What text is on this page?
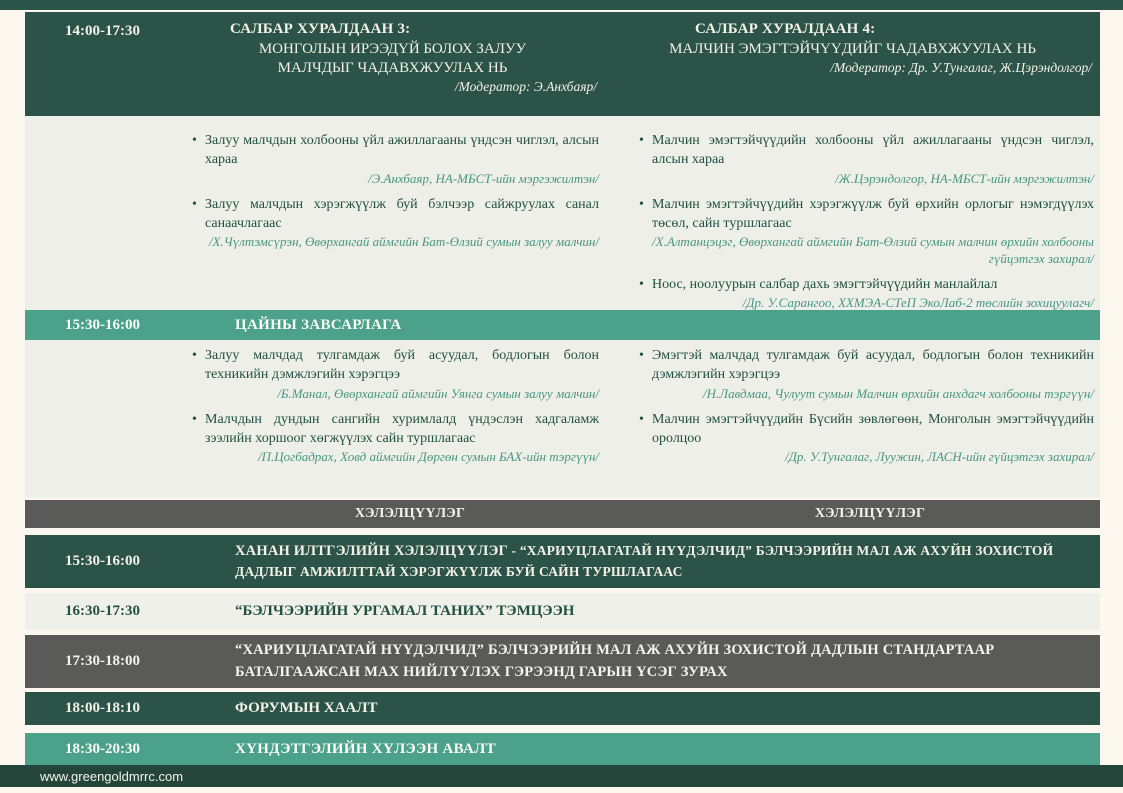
14:00-17:30	САЛБАР ХУРАЛДААН 3:
МОНГОЛЫН ИРЭЭДҮЙ БОЛОХ ЗАЛУУ МАЛЧДЫГ ЧАДАВХЖУУЛАХ НЬ
/Модератор: Э.Анхбаяр/
САЛБАР ХУРАЛДААН 4:
МАЛЧИН ЭМЭГТЭЙЧҮҮДИЙГ ЧАДАВХЖУУЛАХ НЬ
/Модератор: Др. У.Тунгалаг, Ж.Цэрэндолгор/
• Залуу малчдын холбооны үйл ажиллагааны үндсэн чиглэл, алсын хараа
/Э.Анхбаяр, НА-МБСТ-ийн мэргэжилтэн/
• Залуу малчдын хэрэгжүүлж буй бэлчээр сайжруулах санал санаачлагаас
/Х.Чүлтэмсүрэн, Өвөрхангай аймгийн Бат-Өлзий сумын залуу малчин/
• Малчин эмэгтэйчүүдийн холбооны үйл ажиллагааны үндсэн чиглэл, алсын хараа
/Ж.Цэрэндолгор, НА-МБСТ-ийн мэргэжилтэн/
• Малчин эмэгтэйчүүдийн хэрэгжүүлж буй өрхийн орлогыг нэмэгдүүлэх төсөл, сайн туршлагаас
/Х.Алтанцэцэг, Өвөрхангай аймгийн Бат-Өлзий сумын малчин өрхийн холбооны гүйцэтгэх захирал/
• Ноос, ноолуурын салбар дахь эмэгтэйчүүдийн манлайлал
/Др. У.Сарангоо, ХХМЭА-СТеП ЭкоЛаб-2 төслийн зохицуулагч/
15:30-16:00	ЦАЙНЫ ЗАВСАРЛАГА
• Залуу малчдад тулгамдаж буй асуудал, бодлогын болон техникийн дэмжлэгийн хэрэгцээ
/Б.Манал, Өвөрхангай аймгийн Уянга сумын залуу малчин/
• Малчдын дундын сангийн хуримлалд үндэслэн хадгаламж зээлийн хоршоог хөгжүүлэх сайн туршлагаас
/П.Цогбадрах, Ховд аймгийн Дөргөн сумын БАХ-ийн тэргүүн/
• Эмэгтэй малчдад тулгамдаж буй асуудал, бодлогын болон техникийн дэмжлэгийн хэрэгцээ
/Н.Лавдмаа, Чулуут сумын Малчин өрхийн анхдагч холбооны тэргүүн/
• Малчин эмэгтэйчүүдийн Бүсийн зөвлөгөөн, Монголын эмэгтэйчүүдийн оролцоо
/Др. У.Тунгалаг, Луужин, ЛАСН-ийн гүйцэтгэх захирал/
ХЭЛЭЛЦҮҮЛЭГ	ХЭЛЭЛЦҮҮЛЭГ
15:30-16:00
ХАНАН ИЛТГЭЛИЙН ХЭЛЭЛЦҮҮЛЭГ - “ХАРИУЦЛАГАТАЙ НҮҮДЭЛЧИД” БЭЛЧЭЭРИЙН МАЛ АЖ АХУЙН ЗОХИСТОЙ ДАДЛЫГ АМЖИЛТТАЙ ХЭРЭГЖҮҮЛЖ БУЙ САЙН ТУРШЛАГААС
16:30-17:30	“БЭЛЧЭЭРИЙН УРГАМАЛ ТАНИХ” ТЭМЦЭЭН
17:30-18:00
“ХАРИУЦЛАГАТАЙ НҮҮДЭЛЧИД” БЭЛЧЭЭРИЙН МАЛ АЖ АХУЙН ЗОХИСТОЙ ДАДЛЫН СТАНДАРТААР БАТАЛГААЖСАН МАХ НИЙЛҮҮЛЭХ ГЭРЭЭНД ГАРЫН ҮСЭГ ЗУРАХ
18:00-18:10	ФОРУМЫН ХААЛТ
18:30-20:30	ХҮНДЭТГЭЛИЙН ХҮЛЭЭН АВАЛТ
www.greengoldmrrc.com
